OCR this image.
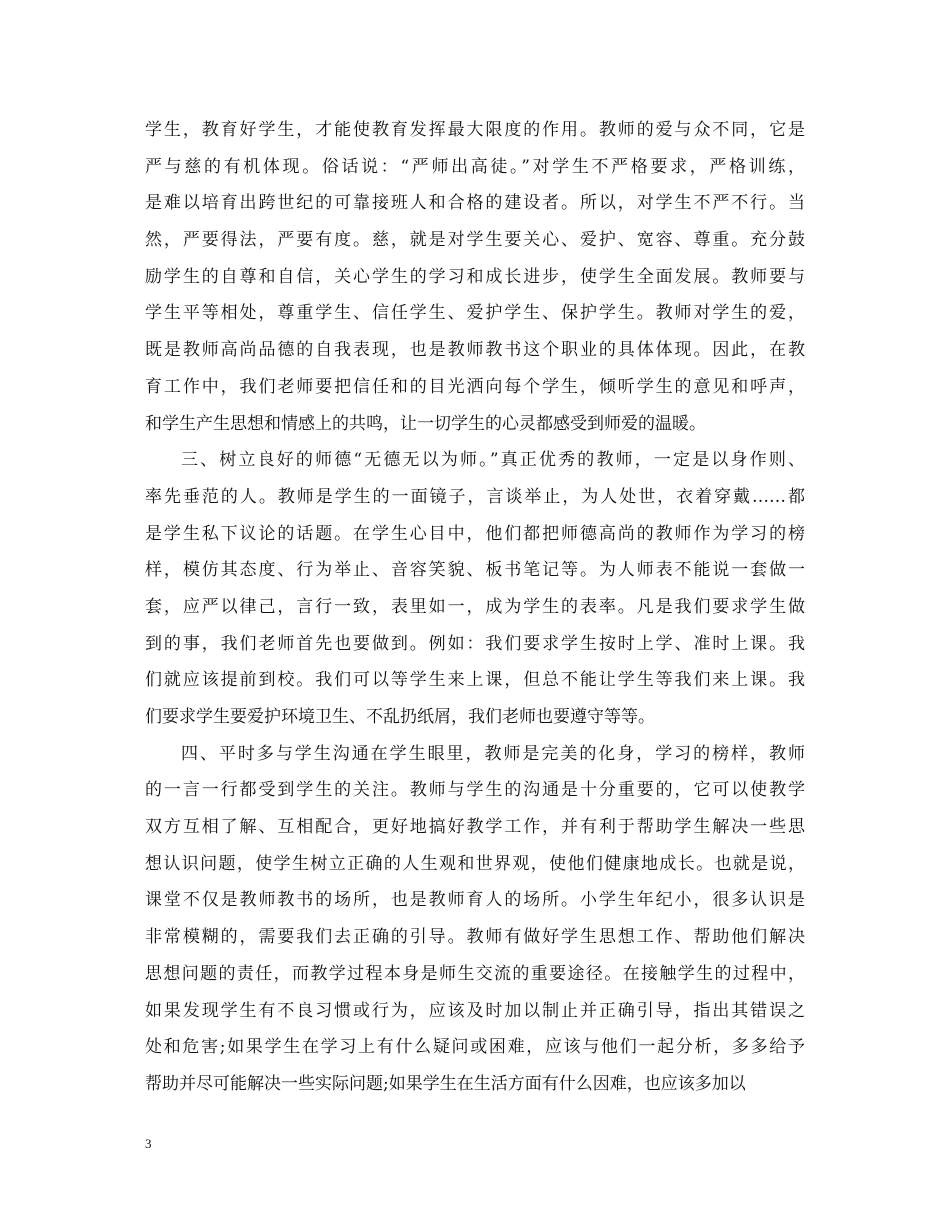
学生，教育好学生，才能使教育发挥最大限度的作用。教师的爱与众不同，它是
严与慈的有机体现。俗话说：“严师出高徒。”对学生不严格要求，严格训练，
是难以培育出跨世纪的可靠接班人和合格的建设者。所以，对学生不严不行。当
然，严要得法，严要有度。慈，就是对学生要关心、爱护、宽容、尊重。充分鼓
励学生的自尊和自信，关心学生的学习和成长进步，使学生全面发展。教师要与
学生平等相处，尊重学生、信任学生、爱护学生、保护学生。教师对学生的爱，
既是教师高尚品德的自我表现，也是教师教书这个职业的具体体现。因此，在教
育工作中，我们老师要把信任和的目光洒向每个学生，倾听学生的意见和呼声，
和学生产生思想和情感上的共鸣，让一切学生的心灵都感受到师爱的温暖。
三、树立良好的师德“无德无以为师。”真正优秀的教师，一定是以身作则、
率先垂范的人。教师是学生的一面镜子，言谈举止，为人处世，衣着穿戴……都
是学生私下议论的话题。在学生心目中，他们都把师德高尚的教师作为学习的榜
样，模仿其态度、行为举止、音容笑貌、板书笔记等。为人师表不能说一套做一
套，应严以律己，言行一致，表里如一，成为学生的表率。凡是我们要求学生做
到的事，我们老师首先也要做到。例如：我们要求学生按时上学、准时上课。我
们就应该提前到校。我们可以等学生来上课，但总不能让学生等我们来上课。我
们要求学生要爱护环境卫生、不乱扔纸屑，我们老师也要遵守等等。
四、平时多与学生沟通在学生眼里，教师是完美的化身，学习的榜样，教师
的一言一行都受到学生的关注。教师与学生的沟通是十分重要的，它可以使教学
双方互相了解、互相配合，更好地搞好教学工作，并有利于帮助学生解决一些思
想认识问题，使学生树立正确的人生观和世界观，使他们健康地成长。也就是说，
课堂不仅是教师教书的场所，也是教师育人的场所。小学生年纪小，很多认识是
非常模糊的，需要我们去正确的引导。教师有做好学生思想工作、帮助他们解决
思想问题的责任，而教学过程本身是师生交流的重要途径。在接触学生的过程中，
如果发现学生有不良习惯或行为，应该及时加以制止并正确引导，指出其错误之
处和危害;如果学生在学习上有什么疑问或困难，应该与他们一起分析，多多给予
帮助并尽可能解决一些实际问题;如果学生在生活方面有什么因难，也应该多加以
3
